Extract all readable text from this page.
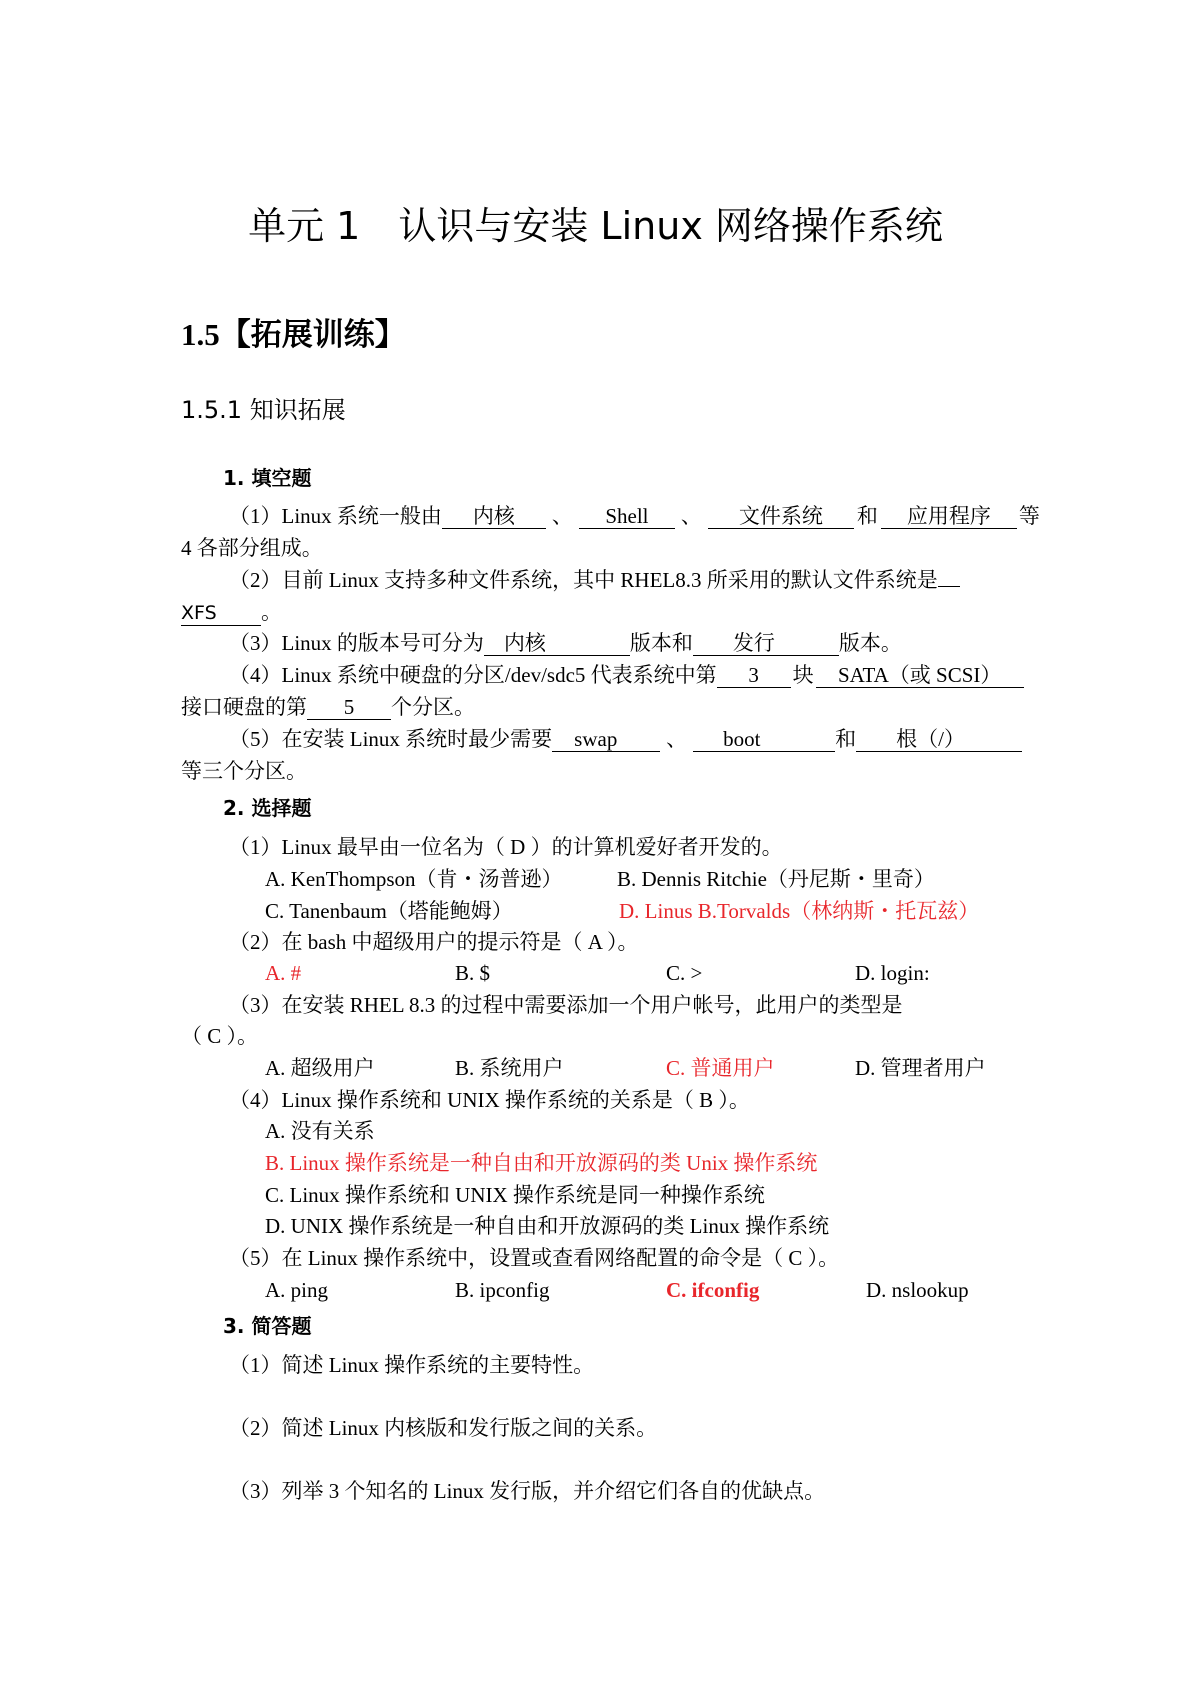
单元 1　认识与安装 Linux 网络操作系统
1.5【拓展训练】
1.5.1 知识拓展
1. 填空题
（1）Linux 系统一般由 内核 、 Shell 、 文件系统 和 应用程序 等
4 各部分组成。
（2）目前 Linux 支持多种文件系统，其中 RHEL8.3 所采用的默认文件系统是
XFS 。
（3）Linux 的版本号可分为 内核	版本和 发行	版本。
（4）Linux 系统中硬盘的分区/dev/sdc5 代表系统中第 3 块 SATA（或 SCSI）
接口硬盘的第 5 个分区。
（5）在安装 Linux 系统时最少需要 swap 、 boot	和 根（/）
等三个分区。
2. 选择题
（1）Linux 最早由一位名为（ D ）的计算机爱好者开发的。
A. KenThompson（肯・汤普逊）	B. Dennis Ritchie（丹尼斯・里奇）
C. Tanenbaum（塔能鲍姆）	D. Linus B.Torvalds（林纳斯・托瓦兹）
（2）在 bash 中超级用户的提示符是（ A ）。
A. #	B. $	C. >	D. login:
（3）在安装 RHEL 8.3 的过程中需要添加一个用户帐号，此用户的类型是
（ C ）。
A. 超级用户	B. 系统用户	C. 普通用户	D. 管理者用户
（4）Linux 操作系统和 UNIX 操作系统的关系是（ B ）。
A. 没有关系
B. Linux 操作系统是一种自由和开放源码的类 Unix 操作系统
C. Linux 操作系统和 UNIX 操作系统是同一种操作系统
D. UNIX 操作系统是一种自由和开放源码的类 Linux 操作系统
（5）在 Linux 操作系统中，设置或查看网络配置的命令是（ C ）。
A. ping	B. ipconfig	C. ifconfig	D. nslookup
3. 简答题
（1）简述 Linux 操作系统的主要特性。
（2）简述 Linux 内核版和发行版之间的关系。
（3）列举 3 个知名的 Linux 发行版，并介绍它们各自的优缺点。
